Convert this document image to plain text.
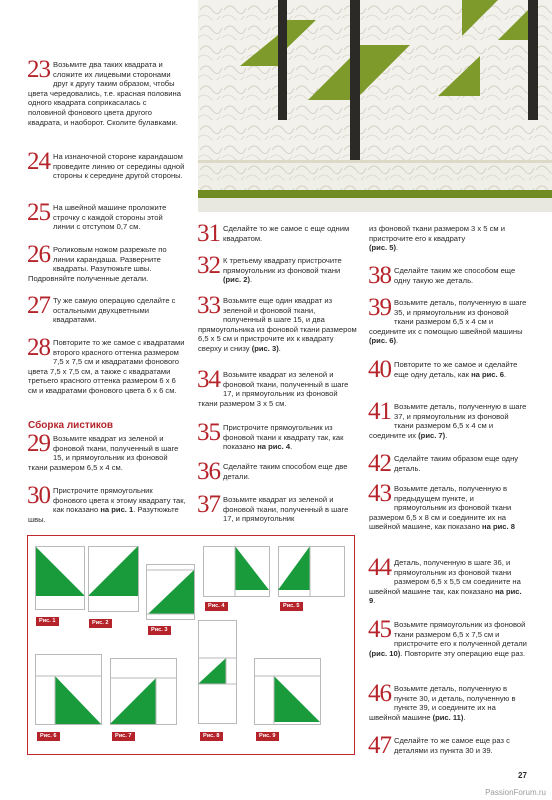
23 Возьмите два таких квадрата и сложите их лицевыми сторонами друг к другу таким образом, чтобы цвета чередовались, т.е. красная половина одного квадрата соприкасалась с половиной фонового цвета другого квадрата, и наоборот. Сколите булавками.
24 На изнаночной стороне карандашом проведите линию от середины одной стороны к середине другой стороны.
25 На швейной машине проложите строчку с каждой стороны этой линии с отступом 0,7 см.
26 Роликовым ножом разрежьте по линии карандаша. Разверните квадраты. Разутюжьте швы. Подровняйте полученные детали.
27 Ту же самую операцию сделайте с остальными двухцветными квадратами.
28 Повторите то же самое с квадратами второго красного оттенка размером 7,5 х 7,5 см и квадратами фонового цвета 7,5 х 7,5 см, а также с квадратами третьего красного оттенка размером 6 х 6 см и квадратами фонового цвета 6 х 6 см.
Сборка листиков
29 Возьмите квадрат из зеленой и фоновой ткани, полученный в шаге 15, и прямоугольник из фоновой ткани размером 6,5 х 4 см.
30 Пристрочите прямоугольник фонового цвета к этому квадрату так, как показано на рис. 1. Разутюжьте швы.
31 Сделайте то же самое с еще одним квадратом.
32 К третьему квадрату пристрочите прямоугольник из фоновой ткани (рис. 2).
33 Возьмите еще один квадрат из зеленой и фоновой ткани, полученный в шаге 15, и два прямоугольника из фоновой ткани размером 6,5 х 5 см и пристрочите их к квадрату сверху и снизу (рис. 3).
34 Возьмите квадрат из зеленой и фоновой ткани, полученный в шаге 17, и прямоугольник из фоновой ткани размером 3 х 5 см.
35 Пристрочите прямоугольник из фоновой ткани к квадрату так, как показано на рис. 4.
36 Сделайте таким способом еще две детали.
37 Возьмите квадрат из зеленой и фоновой ткани, полученный в шаге 17, и прямоугольник
из фоновой ткани размером 3 х 5 см и пристрочите его к квадрату
(рис. 5).
38 Сделайте таким же способом еще одну такую же деталь.
39 Возьмите деталь, полученную в шаге 35, и прямоугольник из фоновой ткани размером 6,5 х 4 см и соедините их с помощью швейной машины (рис. 6).
40 Повторите то же самое и сделайте еще одну деталь, как на рис. 6.
41 Возьмите деталь, полученную в шаге 37, и прямоугольник из фоновой ткани размером 6,5 х 4 см и соедините их (рис. 7).
42 Сделайте таким образом еще одну деталь.
43 Возьмите деталь, полученную в предыдущем пункте, и прямоугольник из фоновой ткани размером 6,5 х 8 см и соедините их на швейной машине, как показано на рис. 8
44 Деталь, полученную в шаге 36, и прямоугольник из фоновой ткани размером 6,5 х 5,5 см соедините на швейной машине так, как показано на рис. 9.
45 Возьмите прямоугольник из фоновой ткани размером 6,5 х 7,5 см и пристрочите его к полученной детали (рис. 10). Повторите эту операцию еще раз.
46 Возьмите деталь, полученную в пункте 30, и деталь, полученную в пункте 39, и соедините их на швейной машине (рис. 11).
47 Сделайте то же самое еще раз с деталями из пункта 30 и 39.
Рис. 1	Рис. 2
Рис. 3
Рис. 4	Рис. 5
Рис. 6	Рис. 7	Рис. 8	Рис. 9
27
PassionForum.ru
